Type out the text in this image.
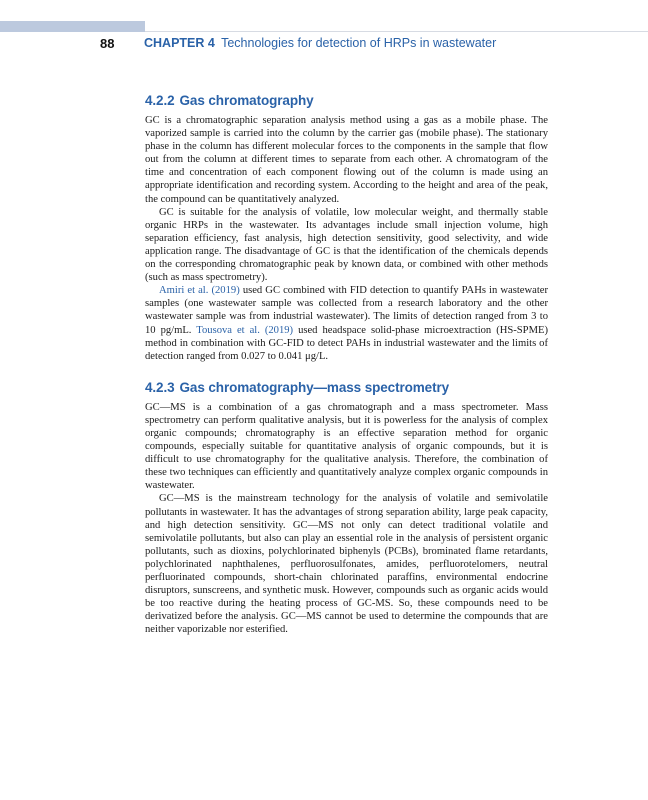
88 CHAPTER 4 Technologies for detection of HRPs in wastewater
4.2.2 Gas chromatography

GC is a chromatographic separation analysis method using a gas as a mobile phase. The vaporized sample is carried into the column by the carrier gas (mobile phase). The stationary phase in the column has different molecular forces to the components in the sample that flow out from the column at different times to separate from each other. A chromatogram of the time and concentration of each component flowing out of the column is made using an appropriate identification and recording system. According to the height and area of the peak, the compound can be quantitatively analyzed.

GC is suitable for the analysis of volatile, low molecular weight, and thermally stable organic HRPs in the wastewater. Its advantages include small injection volume, high separation efficiency, fast analysis, high detection sensitivity, good selectivity, and wide application range. The disadvantage of GC is that the identification of the chemicals depends on the corresponding chromatographic peak by known data, or combined with other methods (such as mass spectrometry).

Amiri et al. (2019) used GC combined with FID detection to quantify PAHs in wastewater samples (one wastewater sample was collected from a research laboratory and the other wastewater sample was from industrial wastewater). The limits of detection ranged from 3 to 10 pg/mL. Tousova et al. (2019) used headspace solid-phase microextraction (HS-SPME) method in combination with GC-FID to detect PAHs in industrial wastewater and the limits of detection ranged from 0.027 to 0.041 μg/L.

4.2.3 Gas chromatography—mass spectrometry

GC—MS is a combination of a gas chromatograph and a mass spectrometer. Mass spectrometry can perform qualitative analysis, but it is powerless for the analysis of complex organic compounds; chromatography is an effective separation method for organic compounds, especially suitable for quantitative analysis of organic compounds, but it is difficult to use chromatography for the qualitative analysis. Therefore, the combination of these two techniques can efficiently and quantitatively analyze complex organic compounds in wastewater.

GC—MS is the mainstream technology for the analysis of volatile and semivolatile pollutants in wastewater. It has the advantages of strong separation ability, large peak capacity, and high detection sensitivity. GC—MS not only can detect traditional volatile and semivolatile pollutants, but also can play an essential role in the analysis of persistent organic pollutants, such as dioxins, polychlorinated biphenyls (PCBs), brominated flame retardants, polychlorinated naphthalenes, perfluorosulfonates, amides, perfluorotelomers, neutral perfluorinated compounds, short-chain chlorinated paraffins, environmental endocrine disruptors, sunscreens, and synthetic musk. However, compounds such as organic acids would be too reactive during the heating process of GC-MS. So, these compounds need to be derivatized before the analysis. GC—MS cannot be used to determine the compounds that are neither vaporizable nor esterified.
